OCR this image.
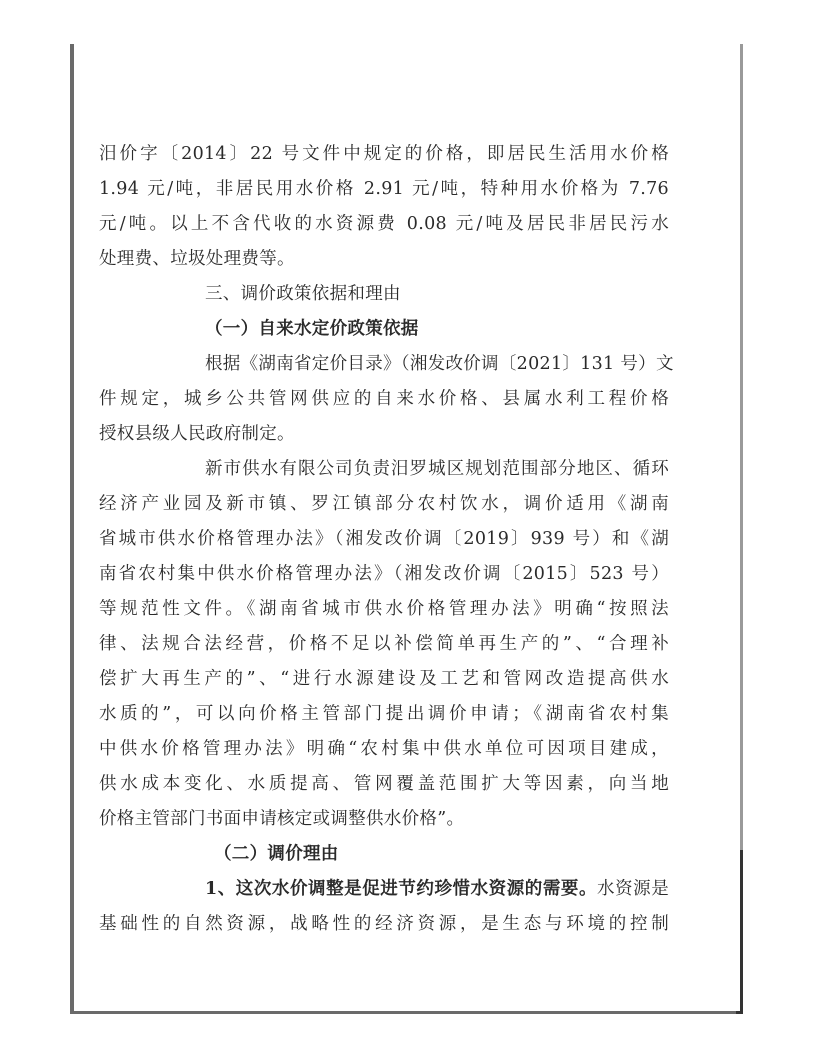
汨价字〔2014〕22 号文件中规定的价格，即居民生活用水价格
1.94 元/吨，非居民用水价格 2.91 元/吨，特种用水价格为 7.76
元/吨。以上不含代收的水资源费 0.08 元/吨及居民非居民污水
处理费、垃圾处理费等。
三、调价政策依据和理由
（一）自来水定价政策依据
根据《湖南省定价目录》（湘发改价调〔2021〕131 号）文
件规定，城乡公共管网供应的自来水价格、县属水利工程价格
授权县级人民政府制定。
新市供水有限公司负责汨罗城区规划范围部分地区、循环
经济产业园及新市镇、罗江镇部分农村饮水，调价适用《湖南
省城市供水价格管理办法》（湘发改价调〔2019〕939 号）和《湖
南省农村集中供水价格管理办法》（湘发改价调〔2015〕523 号）
等规范性文件。《湖南省城市供水价格管理办法》明确“按照法
律、法规合法经营，价格不足以补偿简单再生产的”、“合理补
偿扩大再生产的”、“进行水源建设及工艺和管网改造提高供水
水质的”，可以向价格主管部门提出调价申请；《湖南省农村集
中供水价格管理办法》明确“农村集中供水单位可因项目建成，
供水成本变化、水质提高、管网覆盖范围扩大等因素，向当地
价格主管部门书面申请核定或调整供水价格”。
（二）调价理由
1、这次水价调整是促进节约珍惜水资源的需要。水资源是
基础性的自然资源，战略性的经济资源，是生态与环境的控制
